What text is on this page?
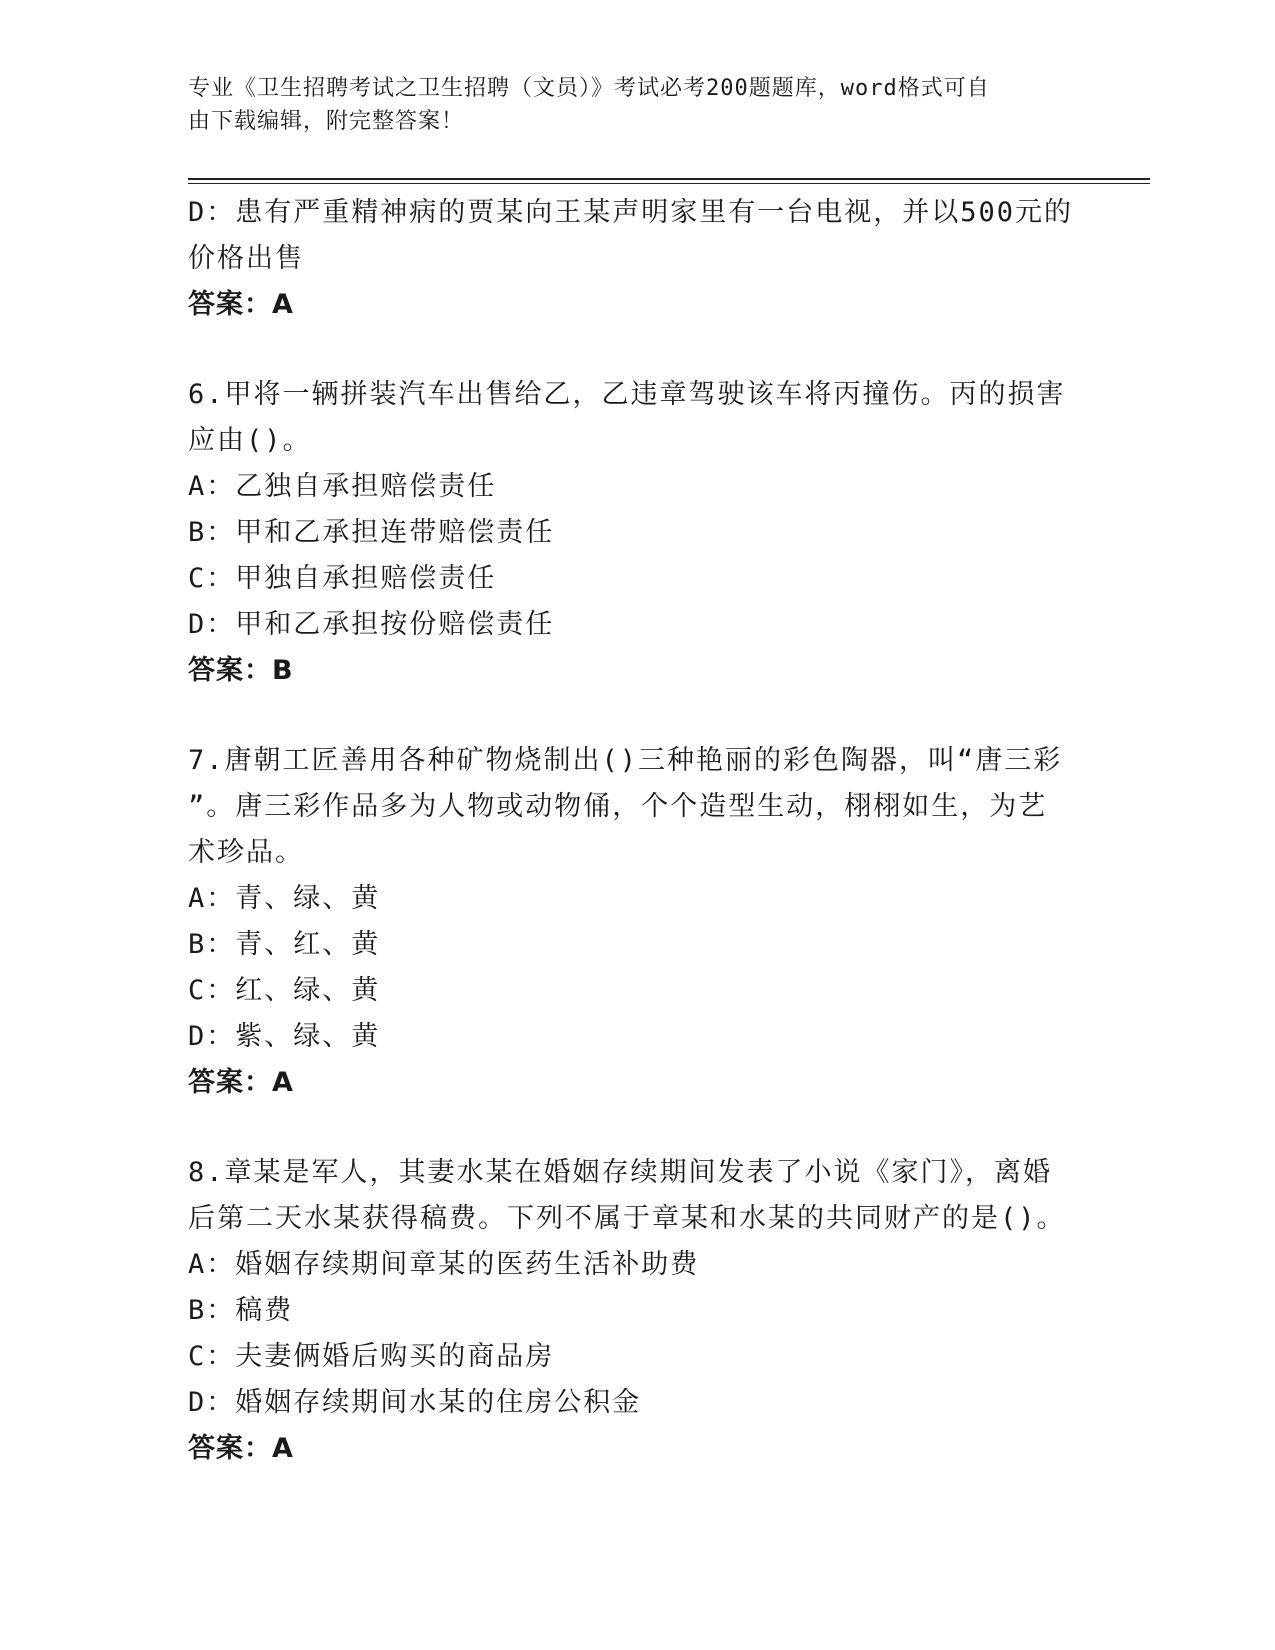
专业《卫生招聘考试之卫生招聘（文员）》考试必考200题题库，word格式可自
由下载编辑，附完整答案！
D：患有严重精神病的贾某向王某声明家里有一台电视，并以500元的
价格出售
答案：A
6.甲将一辆拼装汽车出售给乙，乙违章驾驶该车将丙撞伤。丙的损害
应由()。
A：乙独自承担赔偿责任
B：甲和乙承担连带赔偿责任
C：甲独自承担赔偿责任
D：甲和乙承担按份赔偿责任
答案：B
7.唐朝工匠善用各种矿物烧制出()三种艳丽的彩色陶器，叫“唐三彩
”。唐三彩作品多为人物或动物俑，个个造型生动，栩栩如生，为艺
术珍品。
A：青、绿、黄
B：青、红、黄
C：红、绿、黄
D：紫、绿、黄
答案：A
8.章某是军人，其妻水某在婚姻存续期间发表了小说《家门》，离婚
后第二天水某获得稿费。下列不属于章某和水某的共同财产的是()。
A：婚姻存续期间章某的医药生活补助费
B：稿费
C：夫妻俩婚后购买的商品房
D：婚姻存续期间水某的住房公积金
答案：A
